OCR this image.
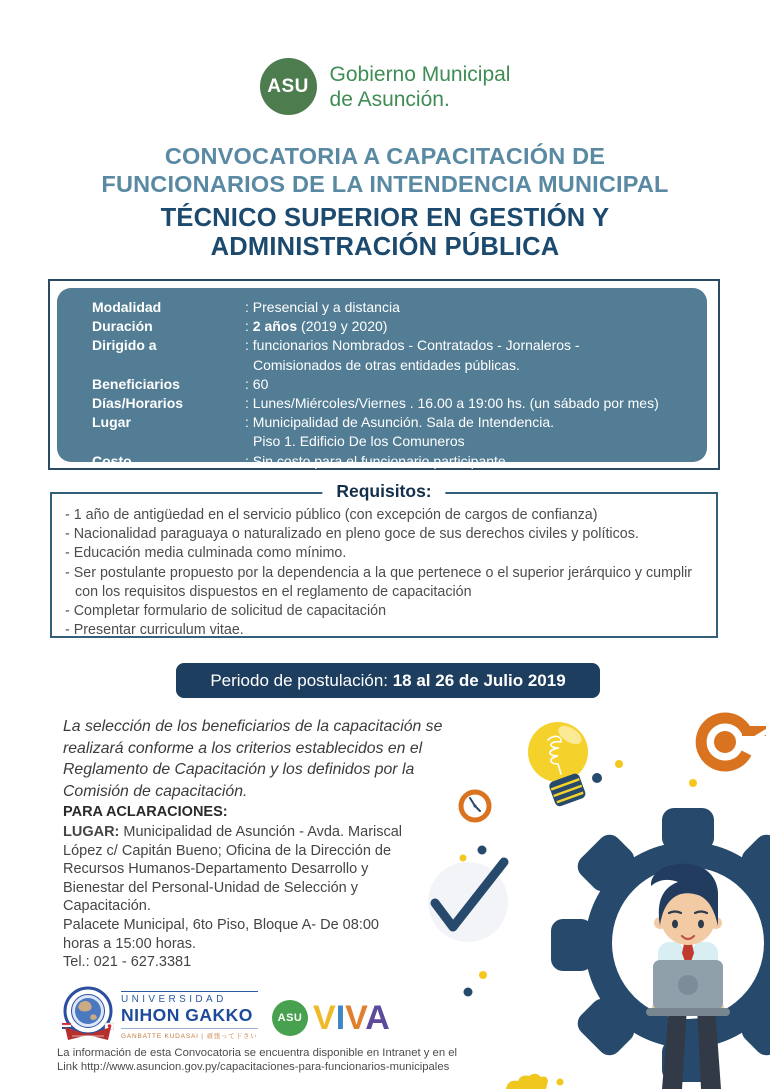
ASU
Gobierno Municipal
de Asunción.
CONVOCATORIA A CAPACITACIÓN DE
FUNCIONARIOS DE LA INTENDENCIA MUNICIPAL
TÉCNICO SUPERIOR EN GESTIÓN Y
ADMINISTRACIÓN PÚBLICA
Modalidad	: Presencial y a distancia
Duración	: 2 años (2019 y 2020)
Dirigido a	: funcionarios Nombrados - Contratados - Jornaleros -
Comisionados de otras entidades públicas.
Beneficiarios	: 60
Días/Horarios	: Lunes/Miércoles/Viernes . 16.00 a 19:00 hs. (un sábado por mes)
Lugar	: Municipalidad de Asunción. Sala de Intendencia.
Piso 1. Edificio De los Comuneros
Costo	: Sin costo para el funcionario participante.
Requisitos:
- 1 año de antigüedad en el servicio público (con excepción de cargos de confianza)
- Nacionalidad paraguaya o naturalizado en pleno goce de sus derechos civiles y políticos.
- Educación media culminada como mínimo.
- Ser postulante propuesto por la dependencia a la que pertenece o el superior jerárquico y cumplir con los requisitos dispuestos en el reglamento de capacitación
- Completar formulario de solicitud de capacitación
- Presentar curriculum vitae.
Periodo de postulación: 18 al 26 de Julio 2019
La selección de los beneficiarios de la capacitación se realizará conforme a los criterios establecidos en el Reglamento de Capacitación y los definidos por la Comisión de capacitación.
PARA ACLARACIONES:
LUGAR: Municipalidad de Asunción - Avda. Mariscal
López c/ Capitán Bueno; Oficina de la Dirección de
Recursos Humanos-Departamento Desarrollo y
Bienestar del Personal-Unidad de Selección y
Capacitación.
Palacete Municipal, 6to Piso, Bloque A- De 08:00
horas a 15:00 horas.
Tel.: 021 - 627.3381
UNIVERSIDAD
NIHON GAKKO
GANBATTE KUDASAI | 頑張って下さい
ASU VIVA
La información de esta Convocatoria se encuentra disponible en Intranet y en el
Link http://www.asuncion.gov.py/capacitaciones-para-funcionarios-municipales
